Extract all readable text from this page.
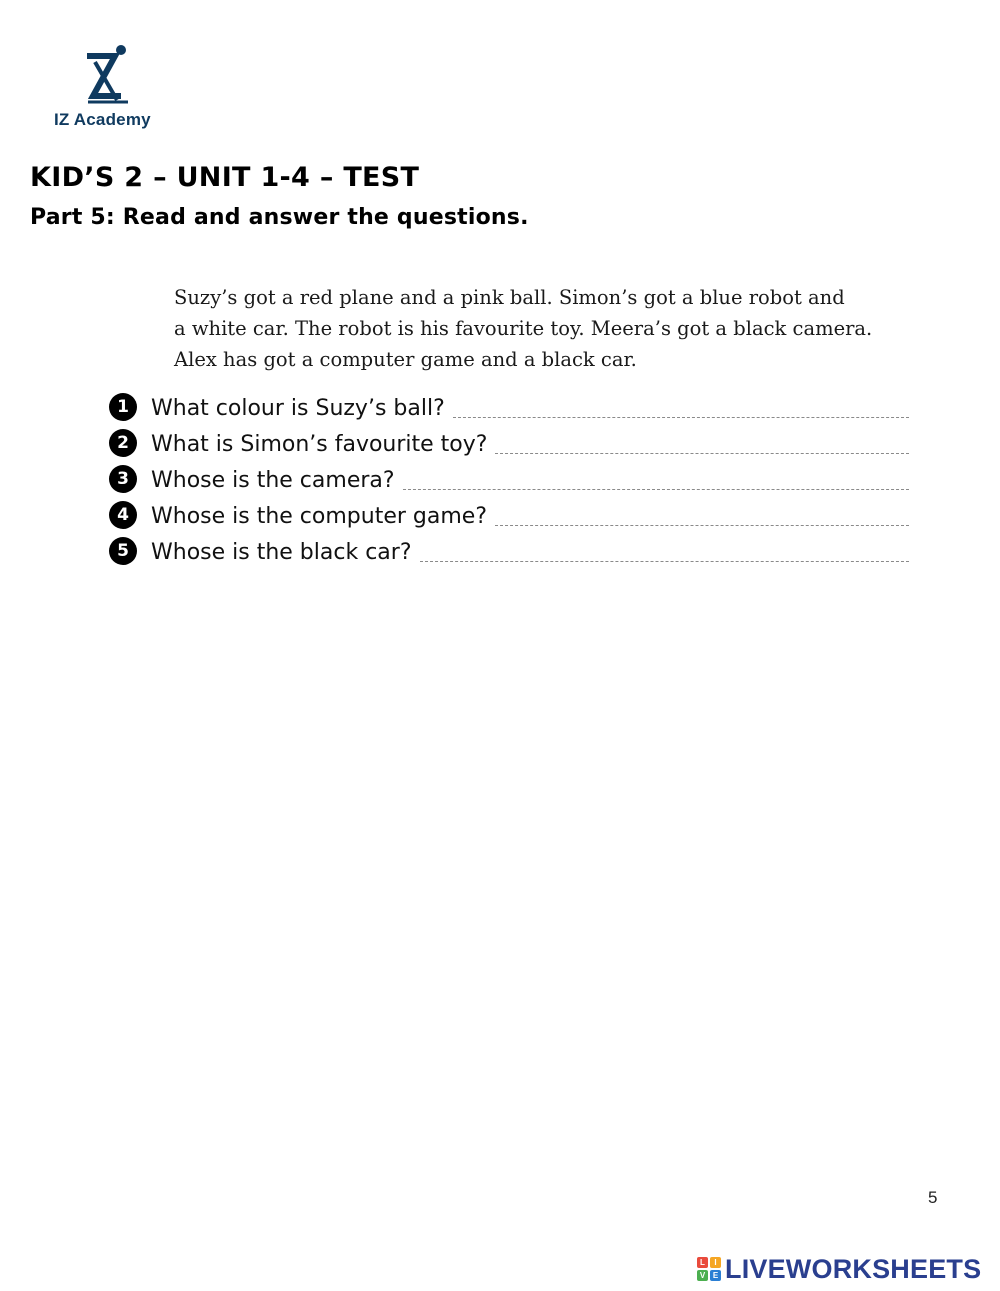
IZ Academy
KID’S 2 – UNIT 1-4 – TEST
Part 5: Read and answer the questions.
Suzy’s got a red plane and a pink ball. Simon’s got a blue robot and
a white car. The robot is his favourite toy. Meera’s got a black camera.
Alex has got a computer game and a black car.
1	What colour is Suzy’s ball?
2	What is Simon’s favourite toy?
3	Whose is the camera?
4	Whose is the computer game?
5	Whose is the black car?
5
L	I
V E LIVEWORKSHEETS
